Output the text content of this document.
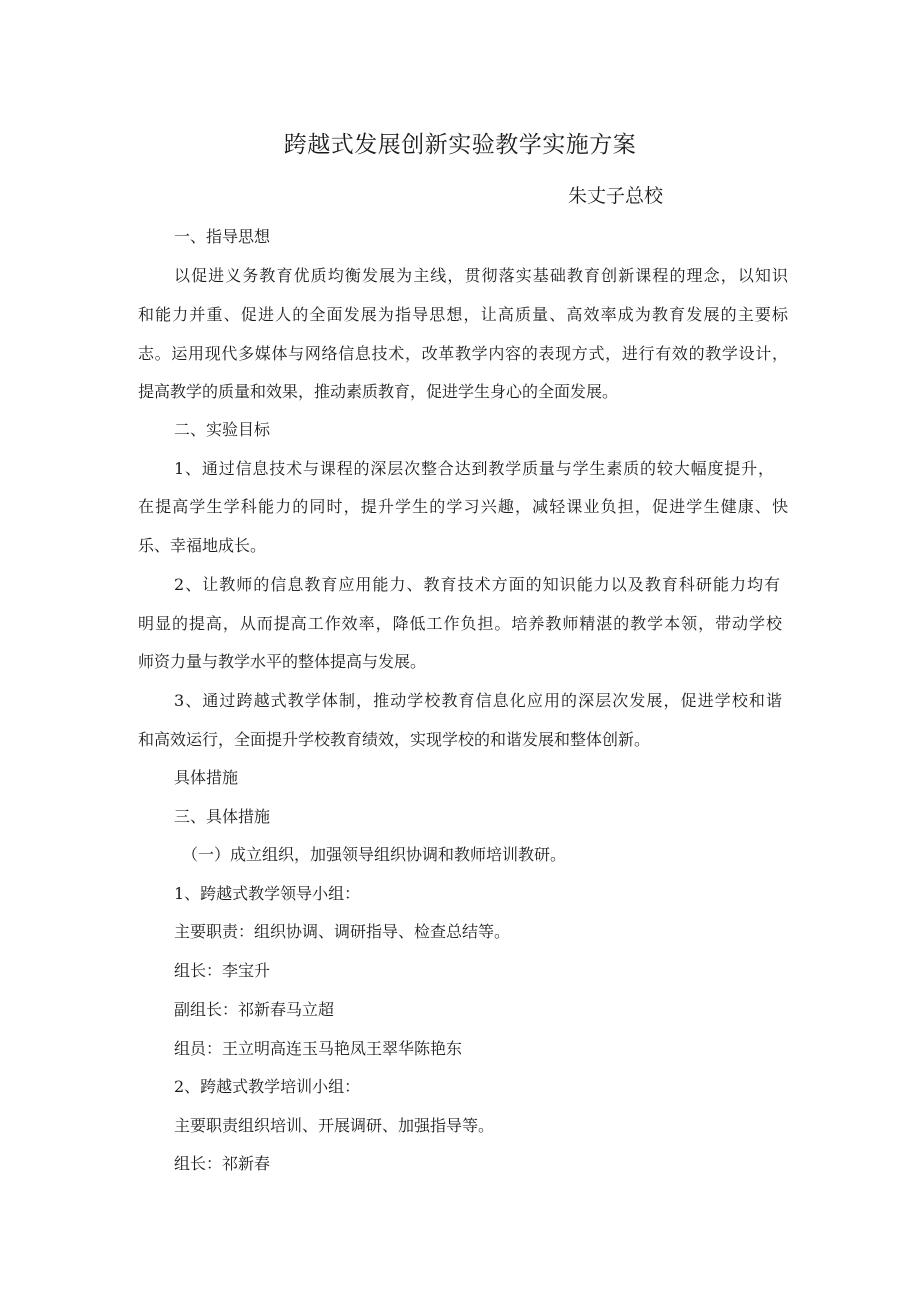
跨越式发展创新实验教学实施方案
朱丈子总校
一、指导思想
以促进义务教育优质均衡发展为主线，贯彻落实基础教育创新课程的理念，以知识
和能力并重、促进人的全面发展为指导思想，让高质量、高效率成为教育发展的主要标
志。运用现代多媒体与网络信息技术，改革教学内容的表现方式，进行有效的教学设计，
提高教学的质量和效果，推动素质教育，促进学生身心的全面发展。
二、实验目标
1、通过信息技术与课程的深层次整合达到教学质量与学生素质的较大幅度提升，
在提高学生学科能力的同时，提升学生的学习兴趣，减轻课业负担，促进学生健康、快
乐、幸福地成长。
2、让教师的信息教育应用能力、教育技术方面的知识能力以及教育科研能力均有
明显的提高，从而提高工作效率，降低工作负担。培养教师精湛的教学本领，带动学校
师资力量与教学水平的整体提高与发展。
3、通过跨越式教学体制，推动学校教育信息化应用的深层次发展，促进学校和谐
和高效运行，全面提升学校教育绩效，实现学校的和谐发展和整体创新。
具体措施
三、具体措施
（一）成立组织，加强领导组织协调和教师培训教研。
1、跨越式教学领导小组：
主要职责：组织协调、调研指导、检查总结等。
组长：李宝升
副组长：祁新春马立超
组员：王立明高连玉马艳凤王翠华陈艳东
2、跨越式教学培训小组：
主要职责组织培训、开展调研、加强指导等。
组长：祁新春
